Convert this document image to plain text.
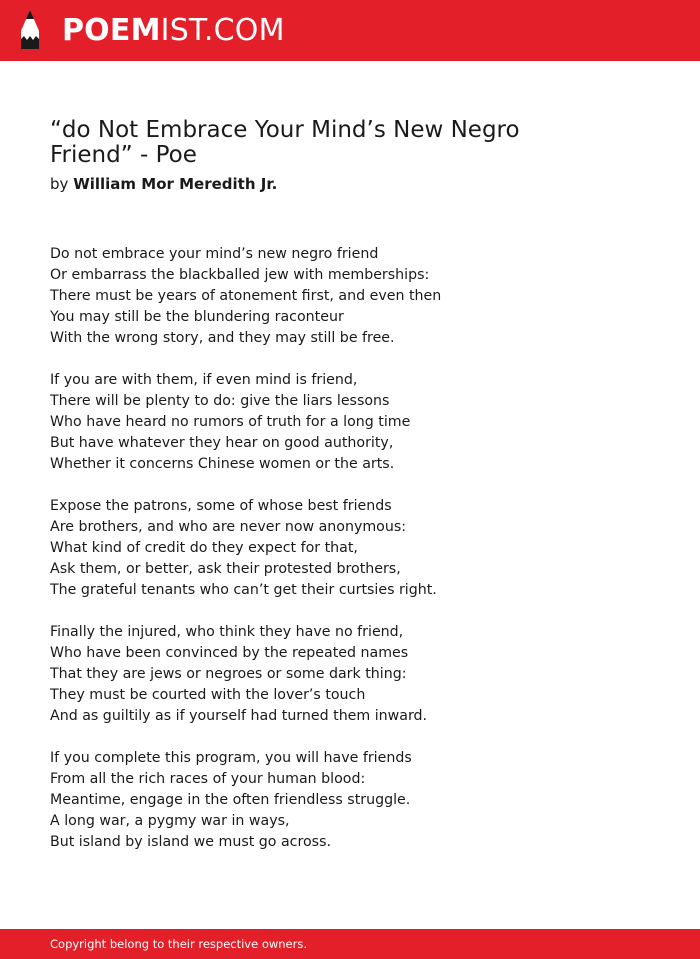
POEMIST.COM
“do Not Embrace Your Mind’s New Negro Friend” - Poe
by William Mor Meredith Jr.
Do not embrace your mind’s new negro friend
Or embarrass the blackballed jew with memberships:
There must be years of atonement first, and even then
You may still be the blundering raconteur
With the wrong story, and they may still be free.
If you are with them, if even mind is friend,
There will be plenty to do: give the liars lessons
Who have heard no rumors of truth for a long time
But have whatever they hear on good authority,
Whether it concerns Chinese women or the arts.
Expose the patrons, some of whose best friends
Are brothers, and who are never now anonymous:
What kind of credit do they expect for that,
Ask them, or better, ask their protested brothers,
The grateful tenants who can’t get their curtsies right.
Finally the injured, who think they have no friend,
Who have been convinced by the repeated names
That they are jews or negroes or some dark thing:
They must be courted with the lover’s touch
And as guiltily as if yourself had turned them inward.
If you complete this program, you will have friends
From all the rich races of your human blood:
Meantime, engage in the often friendless struggle.
A long war, a pygmy war in ways,
But island by island we must go across.
Copyright belong to their respective owners.
